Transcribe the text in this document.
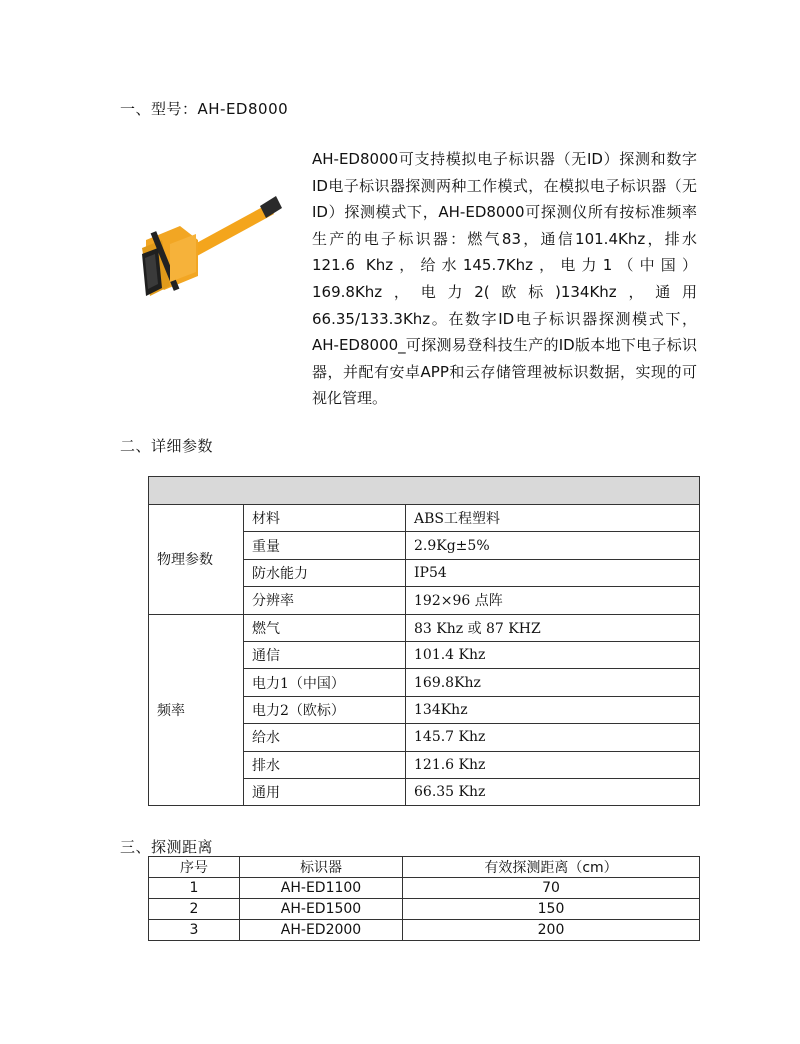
一、型号：AH-ED8000

AH-ED8000可支持模拟电子标识器（无ID）探测和数字ID电子标识器探测两种工作模式，在模拟电子标识器（无ID）探测模式下，AH-ED8000可探测仪所有按标准频率生产的电子标识器：燃气83，通信101.4Khz，排水121.6 Khz，给水145.7Khz，电力1（中国）169.8Khz，电力2(欧标)134Khz，通用66.35/133.3Khz。在数字ID电子标识器探测模式下，AH-ED8000_可探测易登科技生产的ID版本地下电子标识器，并配有安卓APP和云存储管理被标识数据，实现的可视化管理。

二、详细参数

物理参数	材料	ABS工程塑料
	重量	2.9Kg±5%
	防水能力	IP54
	分辨率	192×96 点阵
频率	燃气	83 Khz 或 87 KHZ
	通信	101.4 Khz
	电力1（中国）	169.8Khz
	电力2（欧标）	134Khz
	给水	145.7 Khz
	排水	121.6 Khz
	通用	66.35 Khz
三、探测距离
序号	标识器	有效探测距离（cm）
1	AH-ED1100	70
2	AH-ED1500	150
3	AH-ED2000	200
